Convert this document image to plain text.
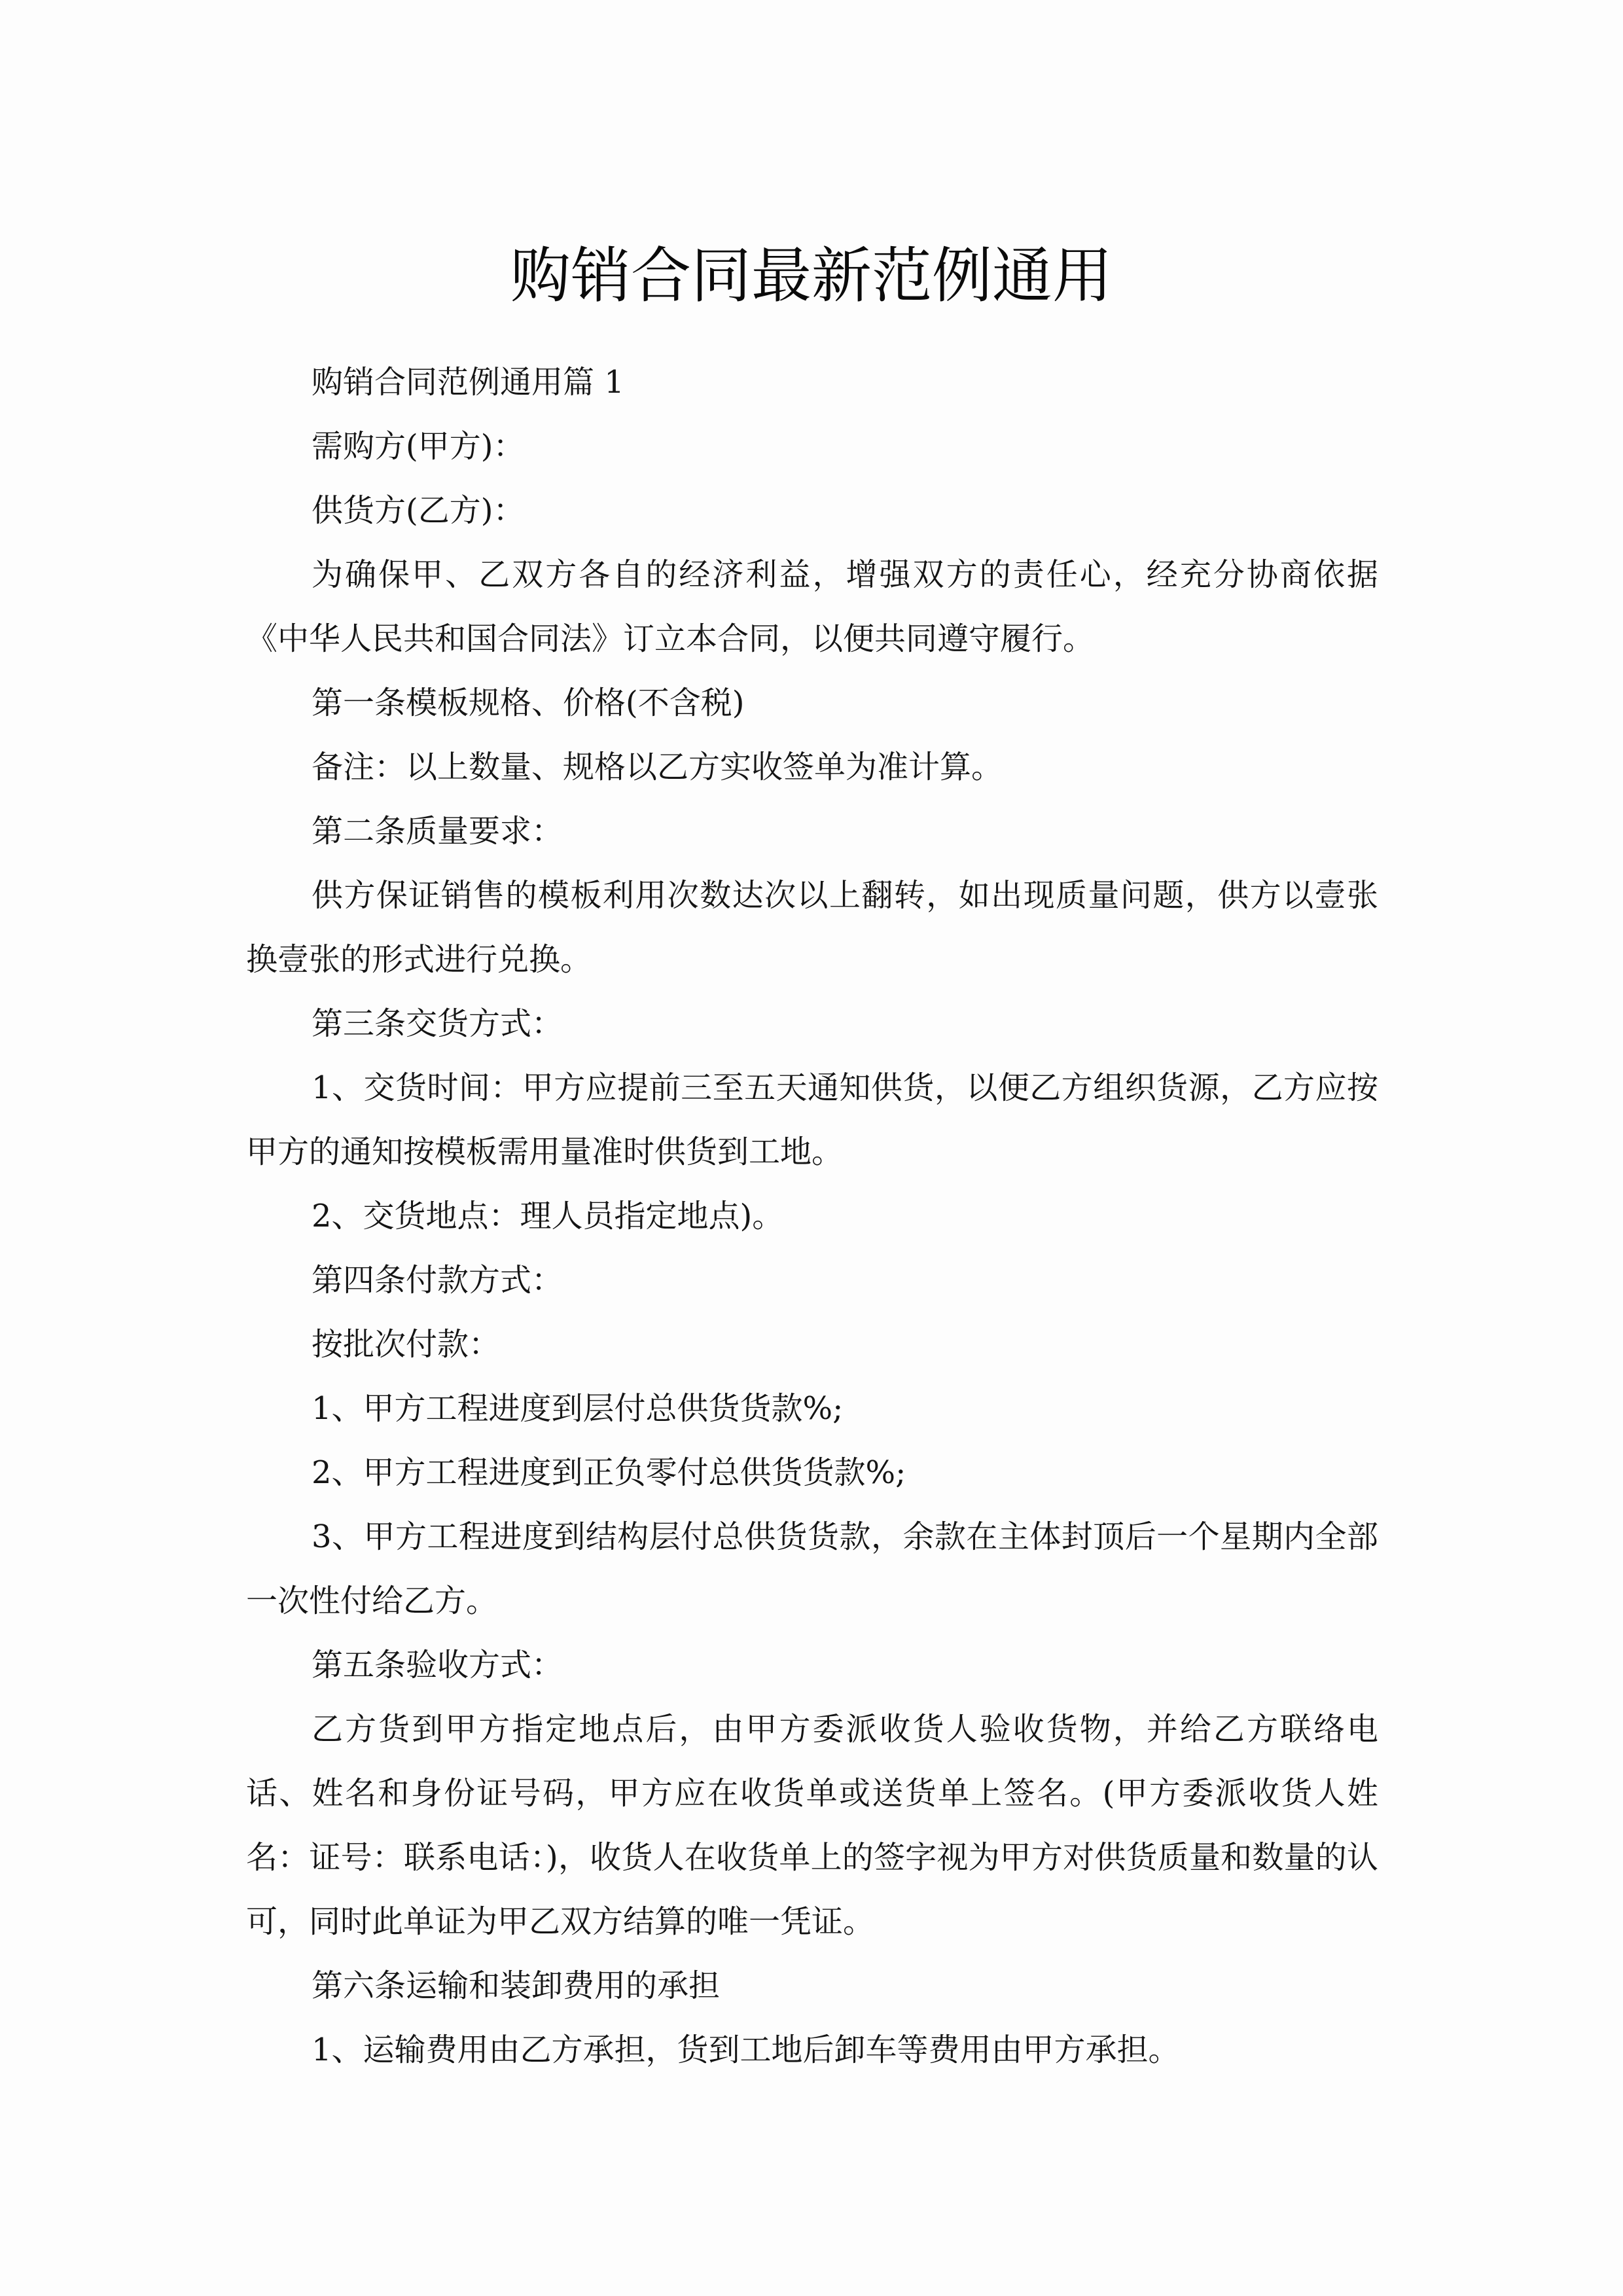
购销合同最新范例通用

购销合同范例通用篇 1

需购方(甲方)：

供货方(乙方)：

为确保甲、乙双方各自的经济利益，增强双方的责任心，经充分协商依据《中华人民共和国合同法》订立本合同，以便共同遵守履行。

第一条模板规格、价格(不含税)

备注：以上数量、规格以乙方实收签单为准计算。

第二条质量要求：

供方保证销售的模板利用次数达次以上翻转，如出现质量问题，供方以壹张换壹张的形式进行兑换。

第三条交货方式：

1、交货时间：甲方应提前三至五天通知供货，以便乙方组织货源，乙方应按甲方的通知按模板需用量准时供货到工地。

2、交货地点：理人员指定地点)。

第四条付款方式：

按批次付款：

1、甲方工程进度到层付总供货货款%;

2、甲方工程进度到正负零付总供货货款%;

3、甲方工程进度到结构层付总供货货款，余款在主体封顶后一个星期内全部一次性付给乙方。

第五条验收方式：

乙方货到甲方指定地点后，由甲方委派收货人验收货物，并给乙方联络电话、姓名和身份证号码，甲方应在收货单或送货单上签名。(甲方委派收货人姓名：证号：联系电话：)，收货人在收货单上的签字视为甲方对供货质量和数量的认可，同时此单证为甲乙双方结算的唯一凭证。

第六条运输和装卸费用的承担

1、运输费用由乙方承担，货到工地后卸车等费用由甲方承担。
